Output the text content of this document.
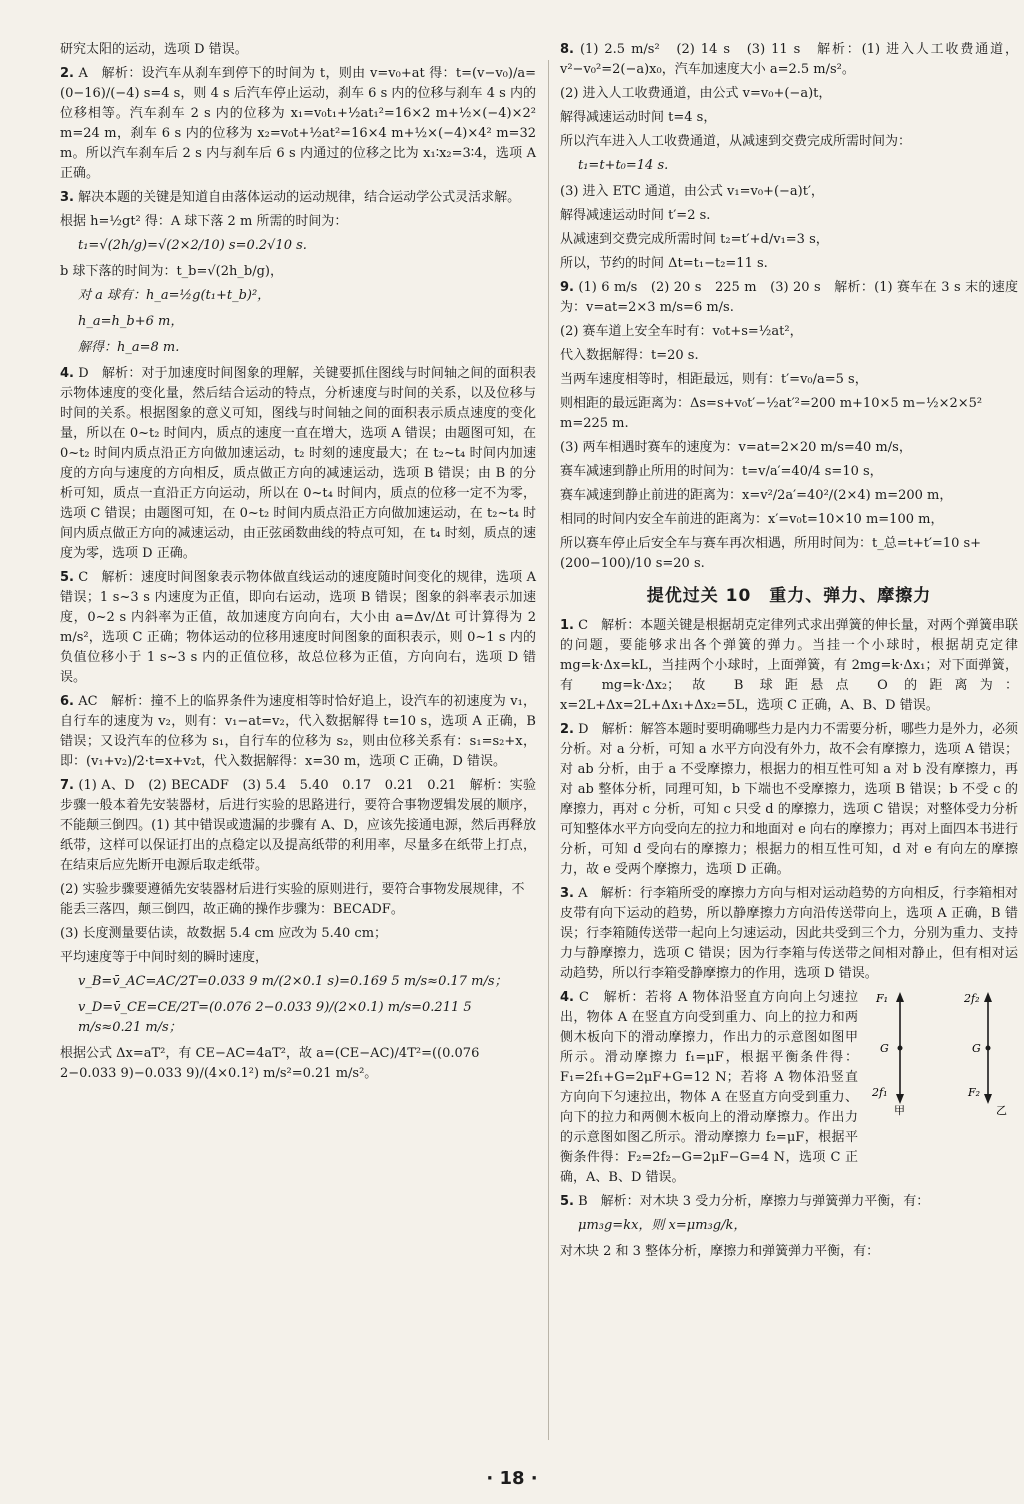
研究太阳的运动，选项 D 错误。

2. A　解析：设汽车从刹车到停下的时间为 t，则由 v=v₀+at 得：t=(v−v₀)/a=(0−16)/(−4) s=4 s，则 4 s 后汽车停止运动，刹车 6 s 内的位移与刹车 4 s 内的位移相等。汽车刹车 2 s 内的位移为 x₁=v₀t₁+½at₁²=16×2 m+½×(−4)×2² m=24 m，刹车 6 s 内的位移为 x₂=v₀t+½at²=16×4 m+½×(−4)×4² m=32 m。所以汽车刹车后 2 s 内与刹车后 6 s 内通过的位移之比为 x₁∶x₂=3∶4，选项 A 正确。

3. 解决本题的关键是知道自由落体运动的运动规律，结合运动学公式灵活求解。

根据 h=½gt² 得：A 球下落 2 m 所需的时间为：

t₁=√(2h/g)=√(2×2/10) s=0.2√10 s.

b 球下落的时间为：t_b=√(2h_b/g)，

对 a 球有：h_a=½g(t₁+t_b)²，

h_a=h_b+6 m，

解得：h_a=8 m.

4. D　解析：对于加速度时间图象的理解，关键要抓住图线与时间轴之间的面积表示物体速度的变化量，然后结合运动的特点，分析速度与时间的关系，以及位移与时间的关系。根据图象的意义可知，图线与时间轴之间的面积表示质点速度的变化量，所以在 0~t₂ 时间内，质点的速度一直在增大，选项 A 错误；由题图可知，在 0~t₂ 时间内质点沿正方向做加速运动，t₂ 时刻的速度最大；在 t₂~t₄ 时间内加速度的方向与速度的方向相反，质点做正方向的减速运动，选项 B 错误；由 B 的分析可知，质点一直沿正方向运动，所以在 0~t₄ 时间内，质点的位移一定不为零，选项 C 错误；由题图可知，在 0~t₂ 时间内质点沿正方向做加速运动，在 t₂~t₄ 时间内质点做正方向的减速运动，由正弦函数曲线的特点可知，在 t₄ 时刻，质点的速度为零，选项 D 正确。

5. C　解析：速度时间图象表示物体做直线运动的速度随时间变化的规律，选项 A 错误；1 s~3 s 内速度为正值，即向右运动，选项 B 错误；图象的斜率表示加速度，0~2 s 内斜率为正值，故加速度方向向右，大小由 a=Δv/Δt 可计算得为 2 m/s²，选项 C 正确；物体运动的位移用速度时间图象的面积表示，则 0~1 s 内的负值位移小于 1 s~3 s 内的正值位移，故总位移为正值，方向向右，选项 D 错误。

6. AC　解析：撞不上的临界条件为速度相等时恰好追上，设汽车的初速度为 v₁，自行车的速度为 v₂，则有：v₁−at=v₂，代入数据解得 t=10 s，选项 A 正确，B 错误；又设汽车的位移为 s₁，自行车的位移为 s₂，则由位移关系有：s₁=s₂+x，即：(v₁+v₂)/2·t=x+v₂t，代入数据解得：x=30 m，选项 C 正确，D 错误。

7. (1) A、D　(2) BECADF　(3) 5.4　5.40　0.17　0.21　0.21　解析：实验步骤一般本着先安装器材，后进行实验的思路进行，要符合事物逻辑发展的顺序，不能颠三倒四。(1) 其中错误或遗漏的步骤有 A、D，应该先接通电源，然后再释放纸带，这样可以保证打出的点稳定以及提高纸带的利用率，尽量多在纸带上打点，在结束后应先断开电源后取走纸带。

(2) 实验步骤要遵循先安装器材后进行实验的原则进行，要符合事物发展规律，不能丢三落四，颠三倒四，故正确的操作步骤为：BECADF。

(3) 长度测量要估读，故数据 5.4 cm 应改为 5.40 cm；

平均速度等于中间时刻的瞬时速度，

v_B=v̄_AC=AC/2T=0.033 9 m/(2×0.1 s)=0.169 5 m/s≈0.17 m/s；

v_D=v̄_CE=CE/2T=(0.076 2−0.033 9)/(2×0.1) m/s=0.211 5 m/s≈0.21 m/s；

根据公式 Δx=aT²，有 CE−AC=4aT²，故 a=(CE−AC)/4T²=((0.076 2−0.033 9)−0.033 9)/(4×0.1²) m/s²=0.21 m/s²。

8. (1) 2.5 m/s²　(2) 14 s　(3) 11 s　解析：(1) 进入人工收费通道，v²−v₀²=2(−a)x₀，汽车加速度大小 a=2.5 m/s²。

(2) 进入人工收费通道，由公式 v=v₀+(−a)t，

解得减速运动时间 t=4 s，

所以汽车进入人工收费通道，从减速到交费完成所需时间为：

t₁=t+t₀=14 s.

(3) 进入 ETC 通道，由公式 v₁=v₀+(−a)t′，

解得减速运动时间 t′=2 s.

从减速到交费完成所需时间 t₂=t′+d/v₁=3 s，

所以，节约的时间 Δt=t₁−t₂=11 s.

9. (1) 6 m/s　(2) 20 s　225 m　(3) 20 s　解析：(1) 赛车在 3 s 末的速度为：v=at=2×3 m/s=6 m/s.

(2) 赛车道上安全车时有：v₀t+s=½at²，

代入数据解得：t=20 s.

当两车速度相等时，相距最远，则有：t′=v₀/a=5 s，

则相距的最远距离为：Δs=s+v₀t′−½at′²=200 m+10×5 m−½×2×5² m=225 m.

(3) 两车相遇时赛车的速度为：v=at=2×20 m/s=40 m/s，

赛车减速到静止所用的时间为：t=v/a′=40/4 s=10 s，

赛车减速到静止前进的距离为：x=v²/2a′=40²/(2×4) m=200 m，

相同的时间内安全车前进的距离为：x′=v₀t=10×10 m=100 m，

所以赛车停止后安全车与赛车再次相遇，所用时间为：t_总=t+t′=10 s+(200−100)/10 s=20 s.

提优过关 10　重力、弹力、摩擦力

1. C　解析：本题关键是根据胡克定律列式求出弹簧的伸长量，对两个弹簧串联的问题，要能够求出各个弹簧的弹力。当挂一个小球时，根据胡克定律 mg=k·Δx=kL，当挂两个小球时，上面弹簧，有 2mg=k·Δx₁；对下面弹簧，有 mg=k·Δx₂；故 B 球距悬点 O 的距离为：x=2L+Δx=2L+Δx₁+Δx₂=5L，选项 C 正确，A、B、D 错误。

2. D　解析：解答本题时要明确哪些力是内力不需要分析，哪些力是外力，必须分析。对 a 分析，可知 a 水平方向没有外力，故不会有摩擦力，选项 A 错误；对 ab 分析，由于 a 不受摩擦力，根据力的相互性可知 a 对 b 没有摩擦力，再对 ab 整体分析，同理可知，b 下端也不受摩擦力，选项 B 错误；b 不受 c 的摩擦力，再对 c 分析，可知 c 只受 d 的摩擦力，选项 C 错误；对整体受力分析可知整体水平方向受向左的拉力和地面对 e 向右的摩擦力；再对上面四本书进行分析，可知 d 受向右的摩擦力；根据力的相互性可知，d 对 e 有向左的摩擦力，故 e 受两个摩擦力，选项 D 正确。

3. A　解析：行李箱所受的摩擦力方向与相对运动趋势的方向相反，行李箱相对皮带有向下运动的趋势，所以静摩擦力方向沿传送带向上，选项 A 正确，B 错误；行李箱随传送带一起向上匀速运动，因此共受到三个力，分别为重力、支持力与静摩擦力，选项 C 错误；因为行李箱与传送带之间相对静止，但有相对运动趋势，所以行李箱受静摩擦力的作用，选项 D 错误。

4. C　解析：若将 A 物体沿竖直方向向上匀速拉出，物体 A 在竖直方向受到重力、向上的拉力和两侧木板向下的滑动摩擦力，作出力的示意图如图甲所示。滑动摩擦力 f₁=μF，根据平衡条件得：F₁=2f₁+G=2μF+G=12 N；若将 A 物体沿竖直方向向下匀速拉出，物体 A 在竖直方向受到重力、向下的拉力和两侧木板向上的滑动摩擦力。作出力的示意图如图乙所示。滑动摩擦力 f₂=μF，根据平衡条件得：F₂=2f₂−G=2μF−G=4 N，选项 C 正确，A、B、D 错误。

F₁
G
2f₁
甲
2f₂
G
F₂
乙

5. B　解析：对木块 3 受力分析，摩擦力与弹簧弹力平衡，有：

μm₃g=kx，则 x=μm₃g/k，

对木块 2 和 3 整体分析，摩擦力和弹簧弹力平衡，有：

· 18 ·
